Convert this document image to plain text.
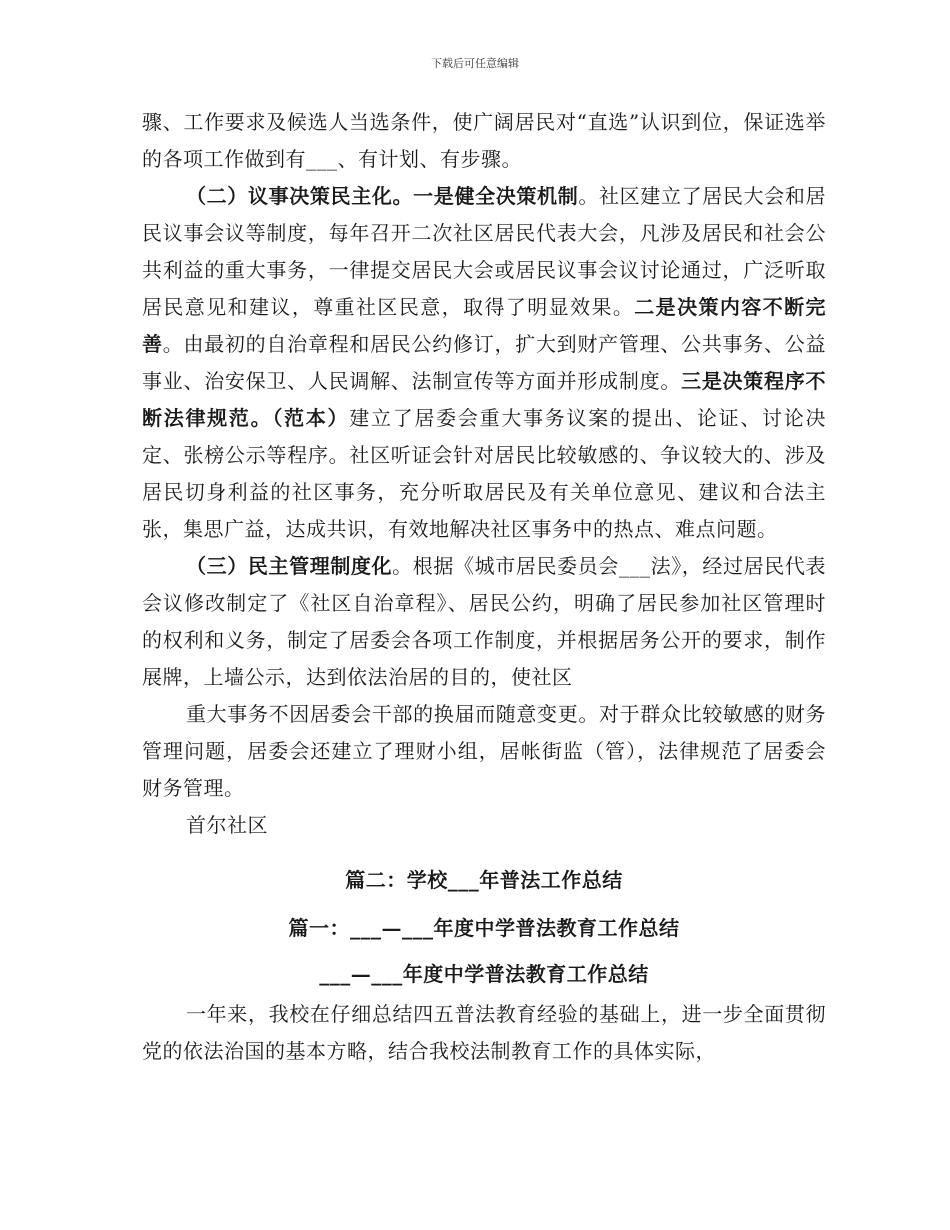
下载后可任意编辑

骤、工作要求及候选人当选条件，使广阔居民对“直选”认识到位，保证选举的各项工作做到有___、有计划、有步骤。

（二）议事决策民主化。一是健全决策机制。社区建立了居民大会和居民议事会议等制度，每年召开二次社区居民代表大会，凡涉及居民和社会公共利益的重大事务，一律提交居民大会或居民议事会议讨论通过，广泛听取居民意见和建议，尊重社区民意，取得了明显效果。二是决策内容不断完善。由最初的自治章程和居民公约修订，扩大到财产管理、公共事务、公益事业、治安保卫、人民调解、法制宣传等方面并形成制度。三是决策程序不断法律规范。（范本）建立了居委会重大事务议案的提出、论证、讨论决定、张榜公示等程序。社区听证会针对居民比较敏感的、争议较大的、涉及居民切身利益的社区事务，充分听取居民及有关单位意见、建议和合法主张，集思广益，达成共识，有效地解决社区事务中的热点、难点问题。

（三）民主管理制度化。根据《城市居民委员会___法》，经过居民代表会议修改制定了《社区自治章程》、居民公约，明确了居民参加社区管理时的权利和义务，制定了居委会各项工作制度，并根据居务公开的要求，制作展牌，上墙公示，达到依法治居的目的，使社区

重大事务不因居委会干部的换届而随意变更。对于群众比较敏感的财务管理问题，居委会还建立了理财小组，居帐街监（管），法律规范了居委会财务管理。

首尔社区

篇二：学校___年普法工作总结

篇一：___—___年度中学普法教育工作总结

___—___年度中学普法教育工作总结

一年来，我校在仔细总结四五普法教育经验的基础上，进一步全面贯彻党的依法治国的基本方略，结合我校法制教育工作的具体实际，
